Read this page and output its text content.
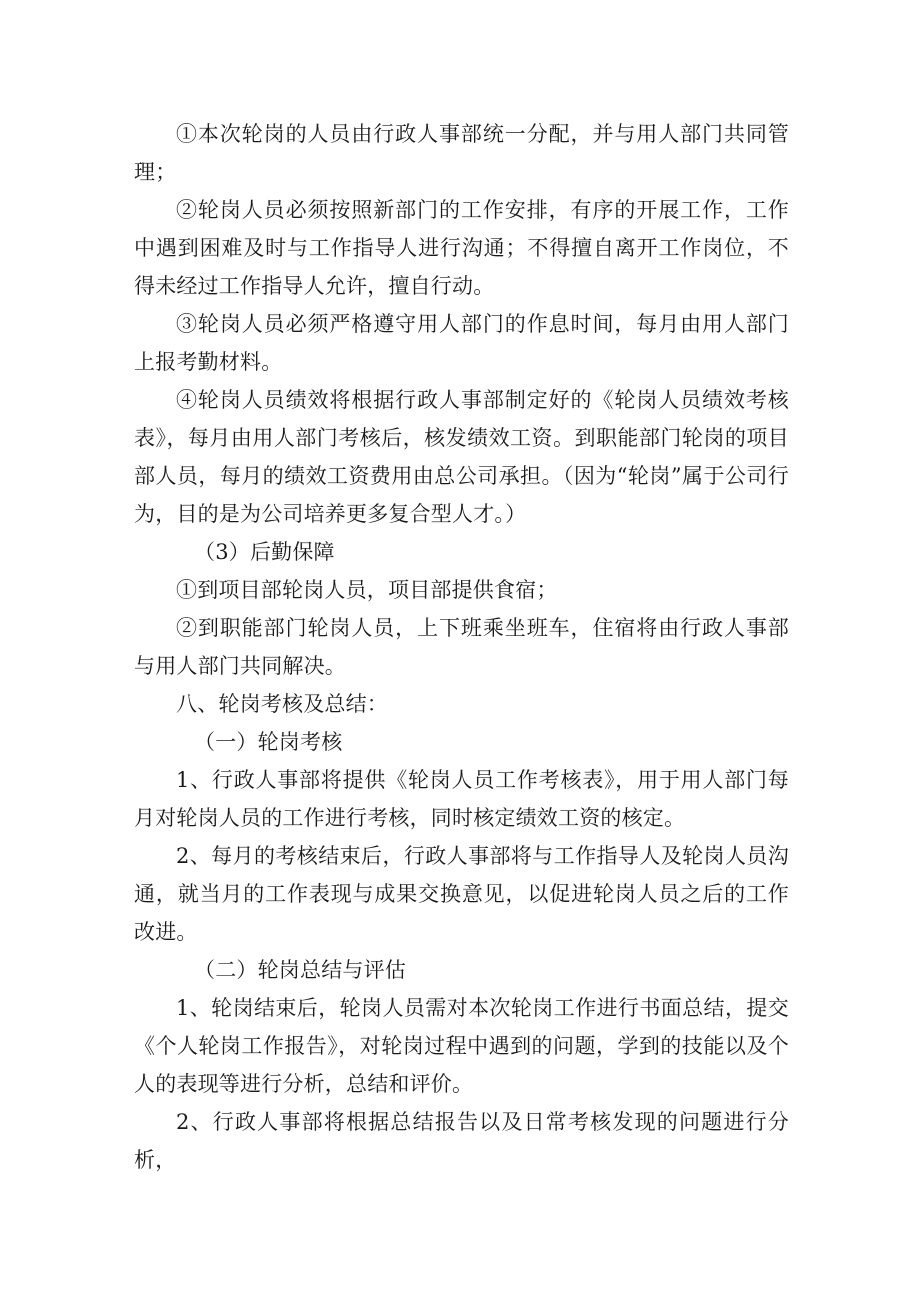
①本次轮岗的人员由行政人事部统一分配，并与用人部门共同管理；

②轮岗人员必须按照新部门的工作安排，有序的开展工作，工作中遇到困难及时与工作指导人进行沟通；不得擅自离开工作岗位，不得未经过工作指导人允许，擅自行动。

③轮岗人员必须严格遵守用人部门的作息时间，每月由用人部门上报考勤材料。

④轮岗人员绩效将根据行政人事部制定好的《轮岗人员绩效考核表》，每月由用人部门考核后，核发绩效工资。到职能部门轮岗的项目部人员，每月的绩效工资费用由总公司承担。（因为“轮岗”属于公司行为，目的是为公司培养更多复合型人才。）

（3）后勤保障

①到项目部轮岗人员，项目部提供食宿；

②到职能部门轮岗人员，上下班乘坐班车，住宿将由行政人事部与用人部门共同解决。

八、轮岗考核及总结：

（一）轮岗考核

1、行政人事部将提供《轮岗人员工作考核表》，用于用人部门每月对轮岗人员的工作进行考核，同时核定绩效工资的核定。

2、每月的考核结束后，行政人事部将与工作指导人及轮岗人员沟通，就当月的工作表现与成果交换意见，以促进轮岗人员之后的工作改进。

（二）轮岗总结与评估

1、轮岗结束后，轮岗人员需对本次轮岗工作进行书面总结，提交《个人轮岗工作报告》，对轮岗过程中遇到的问题，学到的技能以及个人的表现等进行分析，总结和评价。

2、行政人事部将根据总结报告以及日常考核发现的问题进行分析，
